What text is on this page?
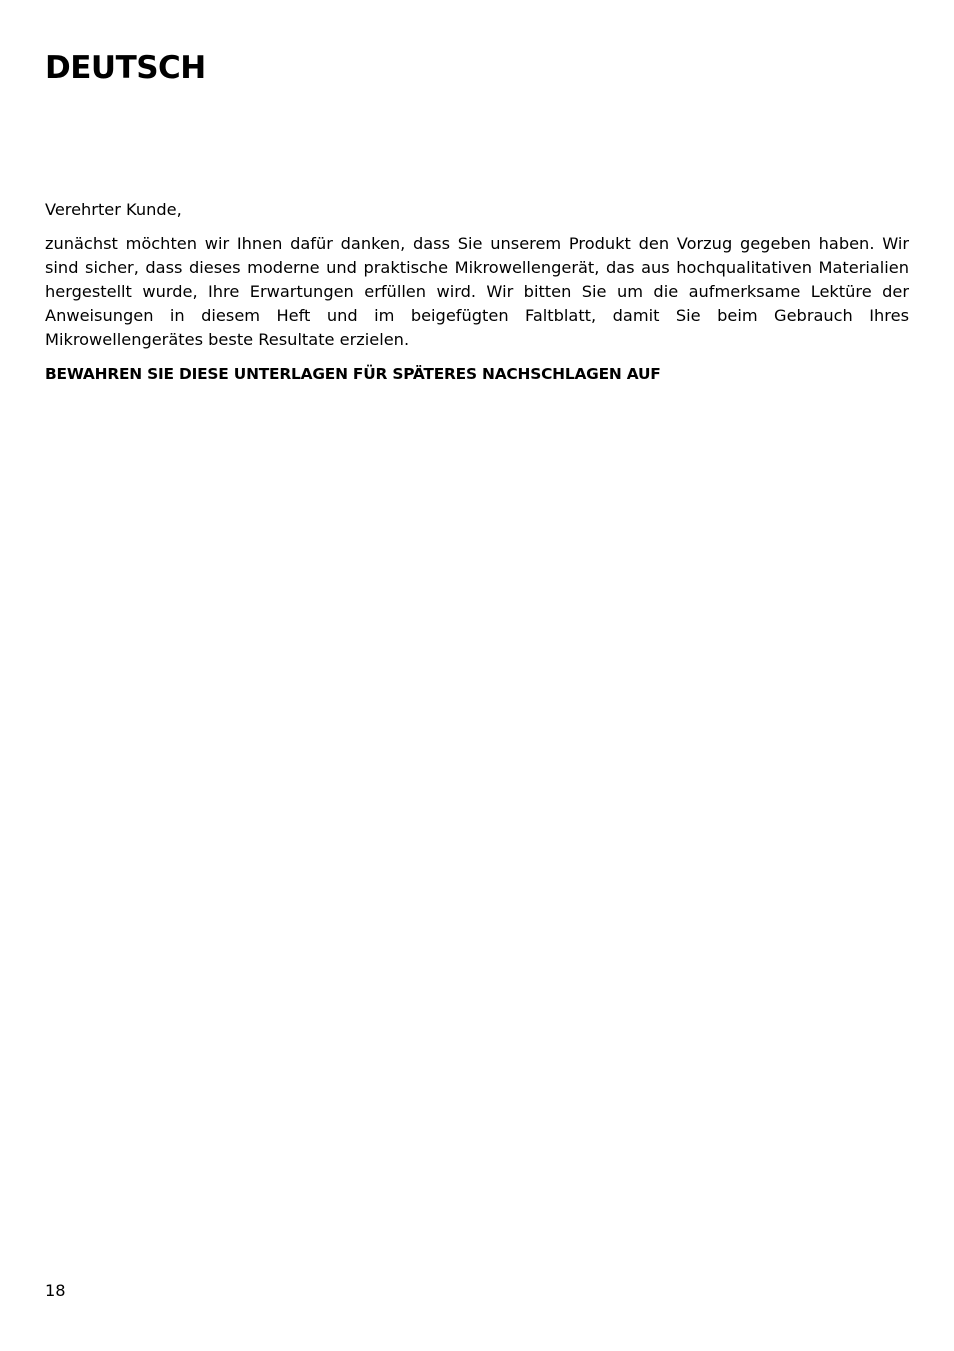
DEUTSCH

Verehrter Kunde,

zunächst möchten wir Ihnen dafür danken, dass Sie unserem Produkt den Vorzug gegeben haben. Wir sind sicher, dass dieses moderne und praktische Mikrowellengerät, das aus hochqualitativen Materialien hergestellt wurde, Ihre Erwartungen erfüllen wird. Wir bitten Sie um die aufmerksame Lektüre der Anweisungen in diesem Heft und im beigefügten Faltblatt, damit Sie beim Gebrauch Ihres Mikrowellengerätes beste Resultate erzielen.

BEWAHREN SIE DIESE UNTERLAGEN FÜR SPÄTERES NACHSCHLAGEN AUF

18
